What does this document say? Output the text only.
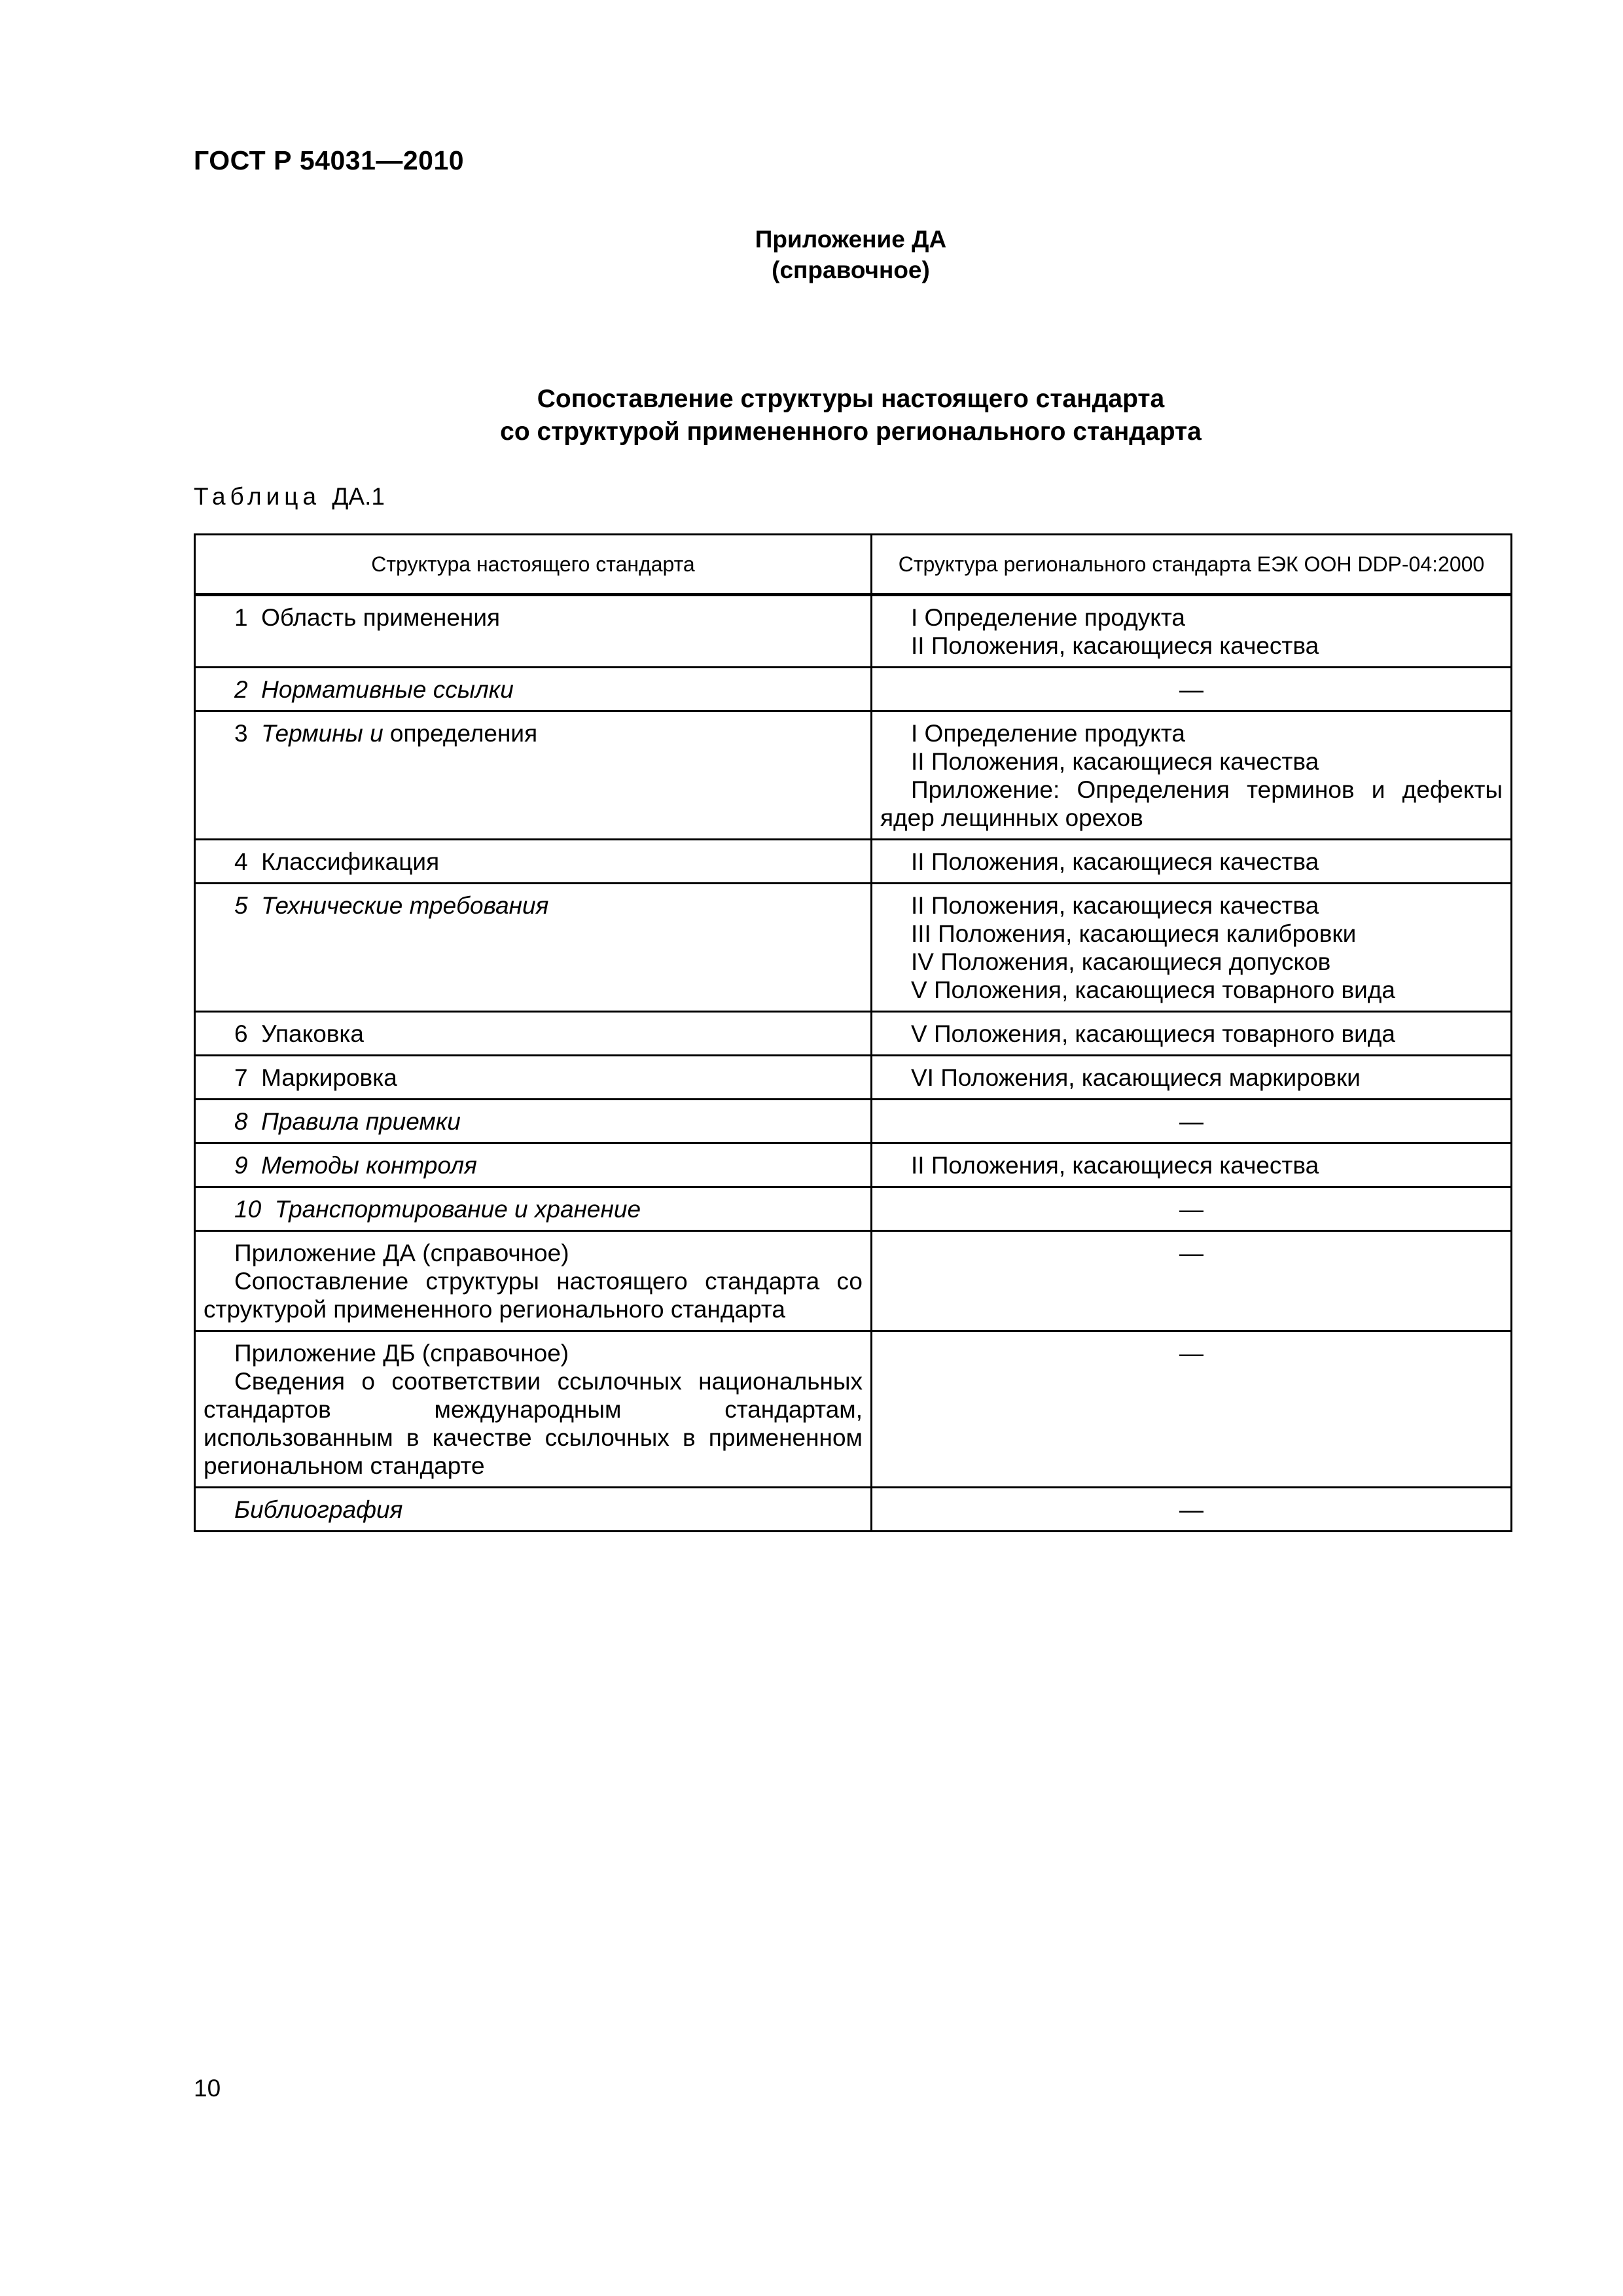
ГОСТ Р 54031—2010
Приложение ДА
(справочное)
Сопоставление структуры настоящего стандарта
со структурой примененного регионального стандарта
Таблица ДА.1
Структура настоящего стандарта	Структура регионального стандарта ЕЭК ООН DDP-04:2000

1 Область применения	I Определение продукта
II Положения, касающиеся качества

2 Нормативные ссылки	—

3 Термины и определения	I Определение продукта
II Положения, касающиеся качества
Приложение: Определения терминов и дефекты ядер лещинных орехов

4 Классификация	II Положения, касающиеся качества

5 Технические требования	II Положения, касающиеся качества
III Положения, касающиеся калибровки
IV Положения, касающиеся допусков
V Положения, касающиеся товарного вида

6 Упаковка	V Положения, касающиеся товарного вида

7 Маркировка	VI Положения, касающиеся маркировки

8 Правила приемки	—

9 Методы контроля	II Положения, касающиеся качества

10 Транспортирование и хранение	—

Приложение ДА (справочное)
Сопоставление структуры настоящего стандарта со структурой примененного регионального стандарта	—

Приложение ДБ (справочное)
Сведения о соответствии ссылочных национальных стандартов международным стандартам, использованным в качестве ссылочных в примененном региональном стандарте	—

Библиография	—
10
